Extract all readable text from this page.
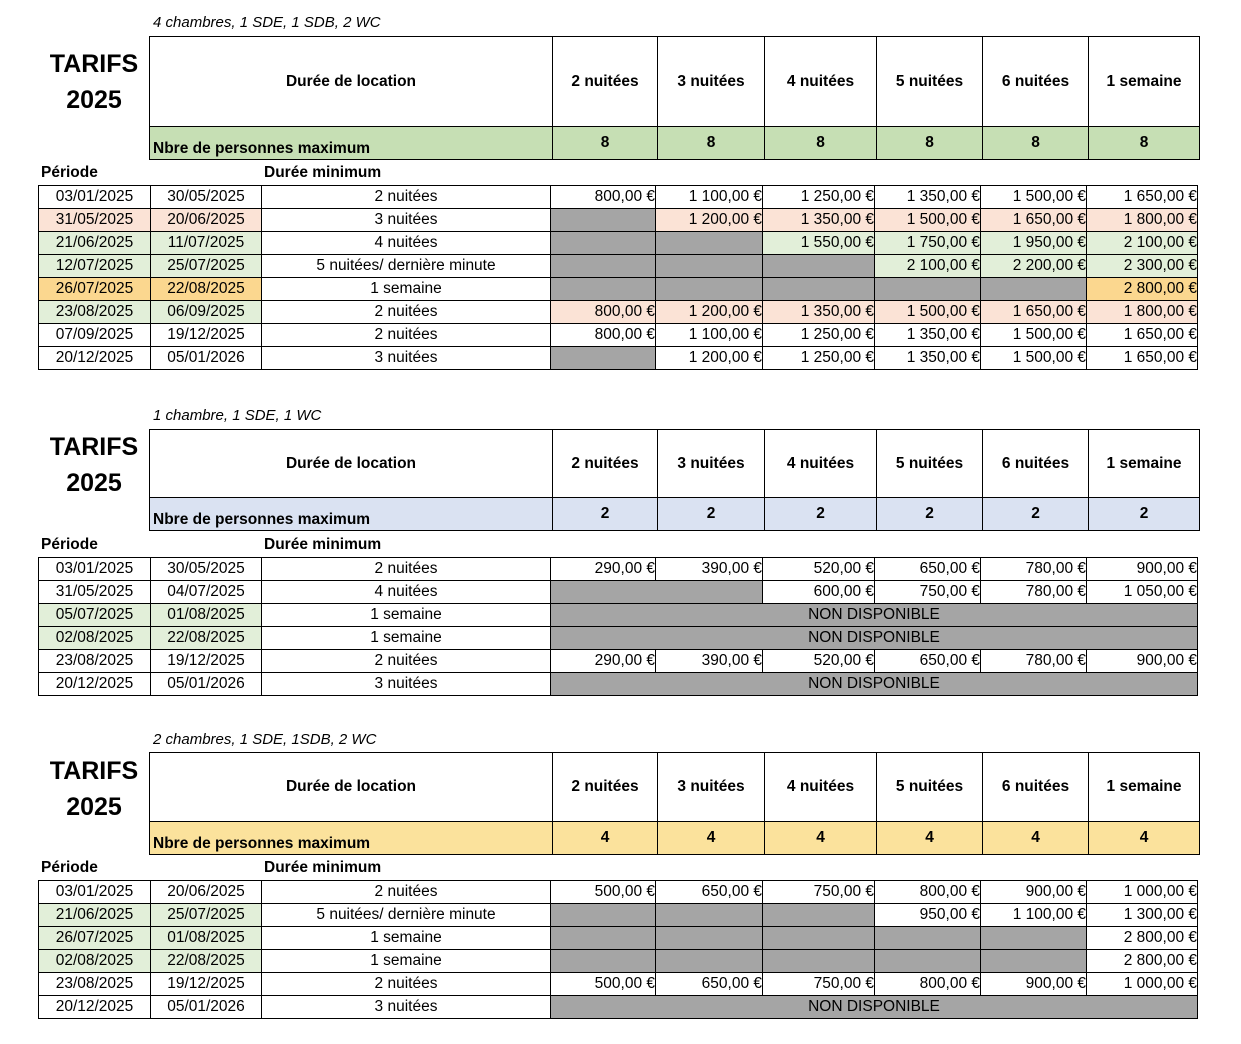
4 chambres, 1 SDE, 1 SDB, 2 WC
TARIFS
2025
Durée de location	2 nuitées	3 nuitées	4 nuitées	5 nuitées	6 nuitées	1 semaine
Nbre de personnes maximum	8	8	8	8	8	8
Période	Durée minimum
03/01/2025	30/05/2025	2 nuitées	800,00 €	1 100,00 €	1 250,00 €	1 350,00 €	1 500,00 €	1 650,00 €
31/05/2025	20/06/2025	3 nuitées		1 200,00 €	1 350,00 €	1 500,00 €	1 650,00 €	1 800,00 €
21/06/2025	11/07/2025	4 nuitées			1 550,00 €	1 750,00 €	1 950,00 €	2 100,00 €
12/07/2025	25/07/2025	5 nuitées/ dernière minute				2 100,00 €	2 200,00 €	2 300,00 €
26/07/2025	22/08/2025	1 semaine						2 800,00 €
23/08/2025	06/09/2025	2 nuitées	800,00 €	1 200,00 €	1 350,00 €	1 500,00 €	1 650,00 €	1 800,00 €
07/09/2025	19/12/2025	2 nuitées	800,00 €	1 100,00 €	1 250,00 €	1 350,00 €	1 500,00 €	1 650,00 €
20/12/2025	05/01/2026	3 nuitées		1 200,00 €	1 250,00 €	1 350,00 €	1 500,00 €	1 650,00 €
1 chambre, 1 SDE, 1 WC
TARIFS
2025
Durée de location	2 nuitées	3 nuitées	4 nuitées	5 nuitées	6 nuitées	1 semaine
Nbre de personnes maximum	2	2	2	2	2	2
Période	Durée minimum
03/01/2025	30/05/2025	2 nuitées	290,00 €	390,00 €	520,00 €	650,00 €	780,00 €	900,00 €
31/05/2025	04/07/2025	4 nuitées			600,00 €	750,00 €	780,00 €	1 050,00 €
05/07/2025	01/08/2025	1 semaine	NON DISPONIBLE					
02/08/2025	22/08/2025	1 semaine	NON DISPONIBLE					
23/08/2025	19/12/2025	2 nuitées	290,00 €	390,00 €	520,00 €	650,00 €	780,00 €	900,00 €
20/12/2025	05/01/2026	3 nuitées	NON DISPONIBLE					
2 chambres, 1 SDE, 1SDB, 2 WC
TARIFS
2025
Durée de location	2 nuitées	3 nuitées	4 nuitées	5 nuitées	6 nuitées	1 semaine
Nbre de personnes maximum	4	4	4	4	4	4
Période	Durée minimum
03/01/2025	20/06/2025	2 nuitées	500,00 €	650,00 €	750,00 €	800,00 €	900,00 €	1 000,00 €
21/06/2025	25/07/2025	5 nuitées/ dernière minute				950,00 €	1 100,00 €	1 300,00 €
26/07/2025	01/08/2025	1 semaine						2 800,00 €
02/08/2025	22/08/2025	1 semaine						2 800,00 €
23/08/2025	19/12/2025	2 nuitées	500,00 €	650,00 €	750,00 €	800,00 €	900,00 €	1 000,00 €
20/12/2025	05/01/2026	3 nuitées	NON DISPONIBLE					
